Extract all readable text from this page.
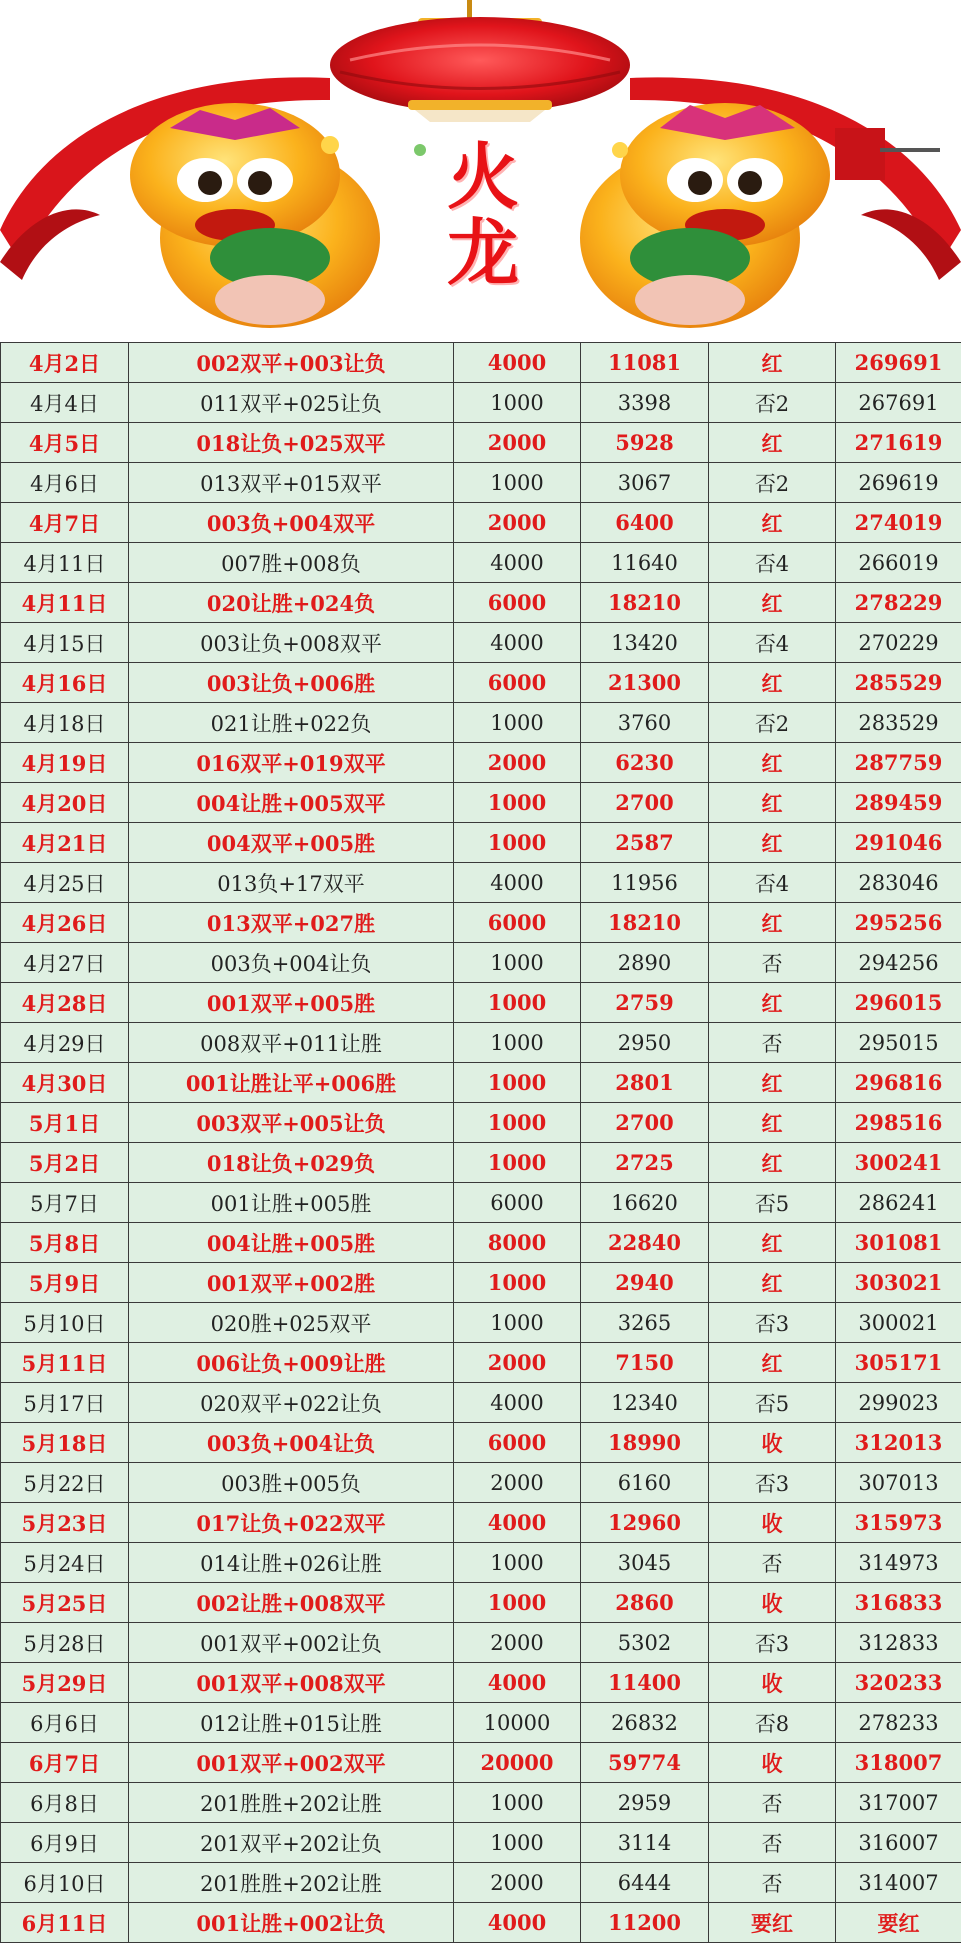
火
龙
4月2日	002双平+003让负	4000	11081	红	269691
4月4日	011双平+025让负	1000	3398	否2	267691
4月5日	018让负+025双平	2000	5928	红	271619
4月6日	013双平+015双平	1000	3067	否2	269619
4月7日	003负+004双平	2000	6400	红	274019
4月11日	007胜+008负	4000	11640	否4	266019
4月11日	020让胜+024负	6000	18210	红	278229
4月15日	003让负+008双平	4000	13420	否4	270229
4月16日	003让负+006胜	6000	21300	红	285529
4月18日	021让胜+022负	1000	3760	否2	283529
4月19日	016双平+019双平	2000	6230	红	287759
4月20日	004让胜+005双平	1000	2700	红	289459
4月21日	004双平+005胜	1000	2587	红	291046
4月25日	013负+17双平	4000	11956	否4	283046
4月26日	013双平+027胜	6000	18210	红	295256
4月27日	003负+004让负	1000	2890	否	294256
4月28日	001双平+005胜	1000	2759	红	296015
4月29日	008双平+011让胜	1000	2950	否	295015
4月30日	001让胜让平+006胜	1000	2801	红	296816
5月1日	003双平+005让负	1000	2700	红	298516
5月2日	018让负+029负	1000	2725	红	300241
5月7日	001让胜+005胜	6000	16620	否5	286241
5月8日	004让胜+005胜	8000	22840	红	301081
5月9日	001双平+002胜	1000	2940	红	303021
5月10日	020胜+025双平	1000	3265	否3	300021
5月11日	006让负+009让胜	2000	7150	红	305171
5月17日	020双平+022让负	4000	12340	否5	299023
5月18日	003负+004让负	6000	18990	收	312013
5月22日	003胜+005负	2000	6160	否3	307013
5月23日	017让负+022双平	4000	12960	收	315973
5月24日	014让胜+026让胜	1000	3045	否	314973
5月25日	002让胜+008双平	1000	2860	收	316833
5月28日	001双平+002让负	2000	5302	否3	312833
5月29日	001双平+008双平	4000	11400	收	320233
6月6日	012让胜+015让胜	10000	26832	否8	278233
6月7日	001双平+002双平	20000	59774	收	318007
6月8日	201胜胜+202让胜	1000	2959	否	317007
6月9日	201双平+202让负	1000	3114	否	316007
6月10日	201胜胜+202让胜	2000	6444	否	314007
6月11日	001让胜+002让负	4000	11200	要红	要红
